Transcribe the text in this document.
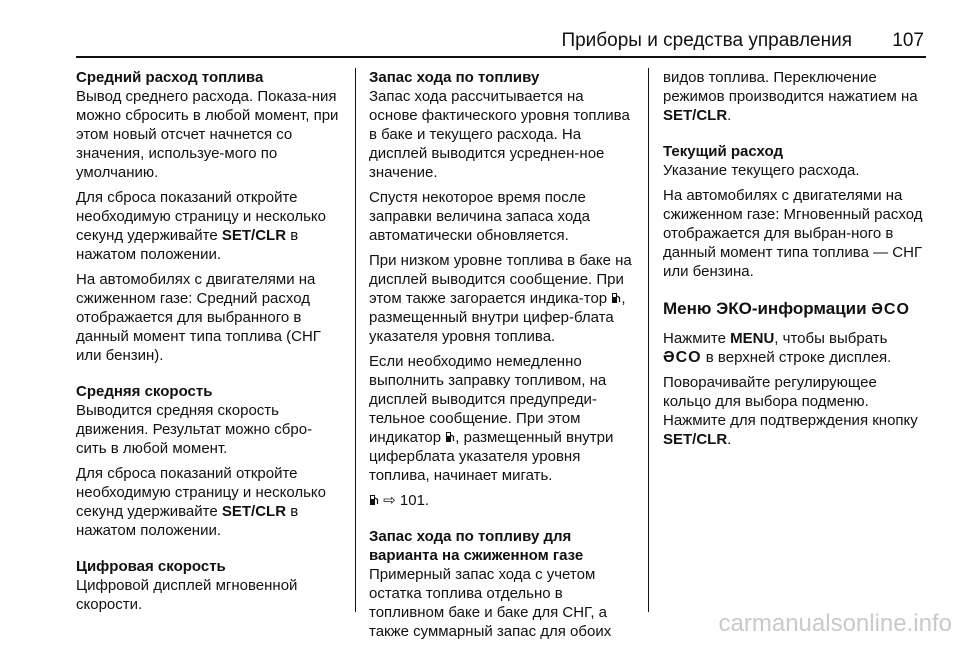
Приборы и средства управления 107

Средний расход топлива

Вывод среднего расхода. Показа-ния можно сбросить в любой момент, при этом новый отсчет начнется со значения, используе-мого по умолчанию.

Для сброса показаний откройте необходимую страницу и несколько секунд удерживайте SET/CLR в нажатом положении.

На автомобилях с двигателями на сжиженном газе: Средний расход отображается для выбранного в данный момент типа топлива (СНГ или бензин).

Средняя скорость

Выводится средняя скорость движения. Результат можно сбро-сить в любой момент.

Для сброса показаний откройте необходимую страницу и несколько секунд удерживайте SET/CLR в нажатом положении.

Цифровая скорость

Цифровой дисплей мгновенной скорости.

Запас хода по топливу

Запас хода рассчитывается на основе фактического уровня топлива в баке и текущего расхода. На дисплей выводится усреднен-ное значение.

Спустя некоторое время после заправки величина запаса хода автоматически обновляется.

При низком уровне топлива в баке на дисплей выводится сообщение. При этом также загорается индика-тор , размещенный внутри цифер-блата указателя уровня топлива.

Если необходимо немедленно выполнить заправку топливом, на дисплей выводится предупреди-тельное сообщение. При этом индикатор , размещенный внутри циферблата указателя уровня топлива, начинает мигать.

⇨ 101.

Запас хода по топливу для варианта на сжиженном газе

Примерный запас хода с учетом остатка топлива отдельно в топливном баке и баке для СНГ, а также суммарный запас для обоих

видов топлива. Переключение режимов производится нажатием на SET/CLR.

Текущий расход

Указание текущего расхода.

На автомобилях с двигателями на сжиженном газе: Мгновенный расход отображается для выбран-ного в данный момент типа топлива — СНГ или бензина.

Меню ЭКО-информации ƏCO

Нажмите MENU, чтобы выбрать ƏCO в верхней строке дисплея.

Поворачивайте регулирующее кольцо для выбора подменю. Нажмите для подтверждения кнопку SET/CLR.

carmanualsonline.info
